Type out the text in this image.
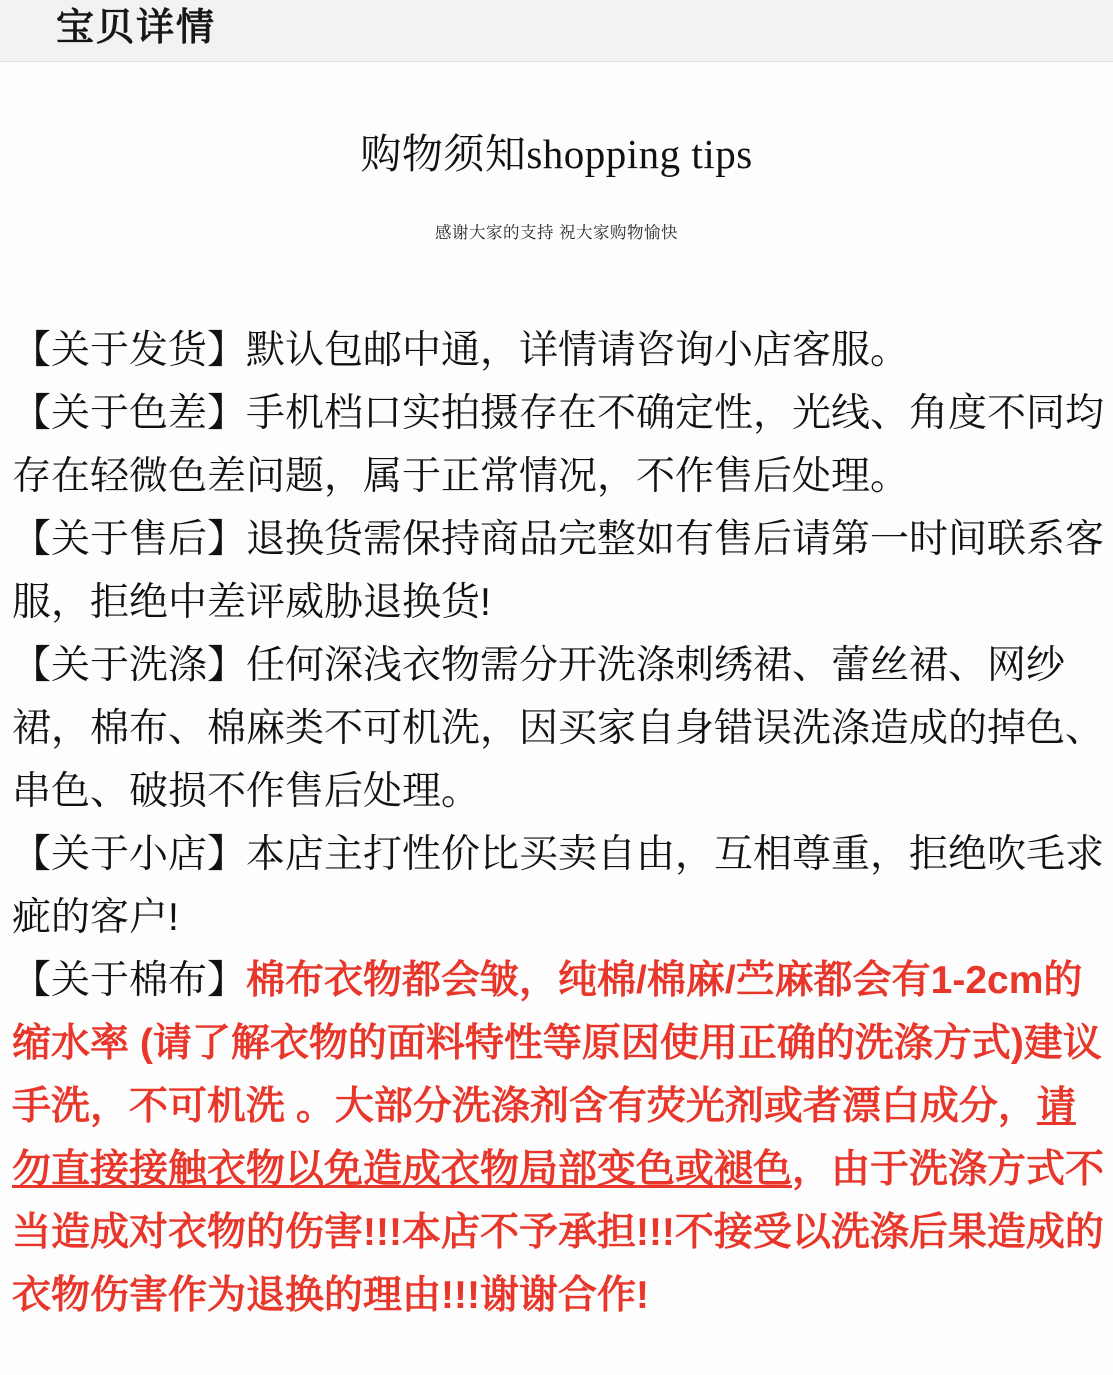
宝贝详情
购物须知shopping tips
感谢大家的支持 祝大家购物愉快

【关于发货】默认包邮中通，详情请咨询小店客服。

【关于色差】手机档口实拍摄存在不确定性，光线、角度不同均存在轻微色差问题，属于正常情况，不作售后处理。

【关于售后】退换货需保持商品完整如有售后请第一时间联系客服，拒绝中差评威胁退换货!

【关于洗涤】任何深浅衣物需分开洗涤刺绣裙、蕾丝裙、网纱裙，棉布、棉麻类不可机洗，因买家自身错误洗涤造成的掉色、串色、破损不作售后处理。

【关于小店】本店主打性价比买卖自由，互相尊重，拒绝吹毛求疵的客户!

【关于棉布】棉布衣物都会皱，纯棉/棉麻/苎麻都会有1-2cm的缩水率 (请了解衣物的面料特性等原因使用正确的洗涤方式)建议手洗，不可机洗 。大部分洗涤剂含有荧光剂或者漂白成分，请勿直接接触衣物以免造成衣物局部变色或褪色，由于洗涤方式不当造成对衣物的伤害!!!本店不予承担!!!不接受以洗涤后果造成的衣物伤害作为退换的理由!!!谢谢合作!
